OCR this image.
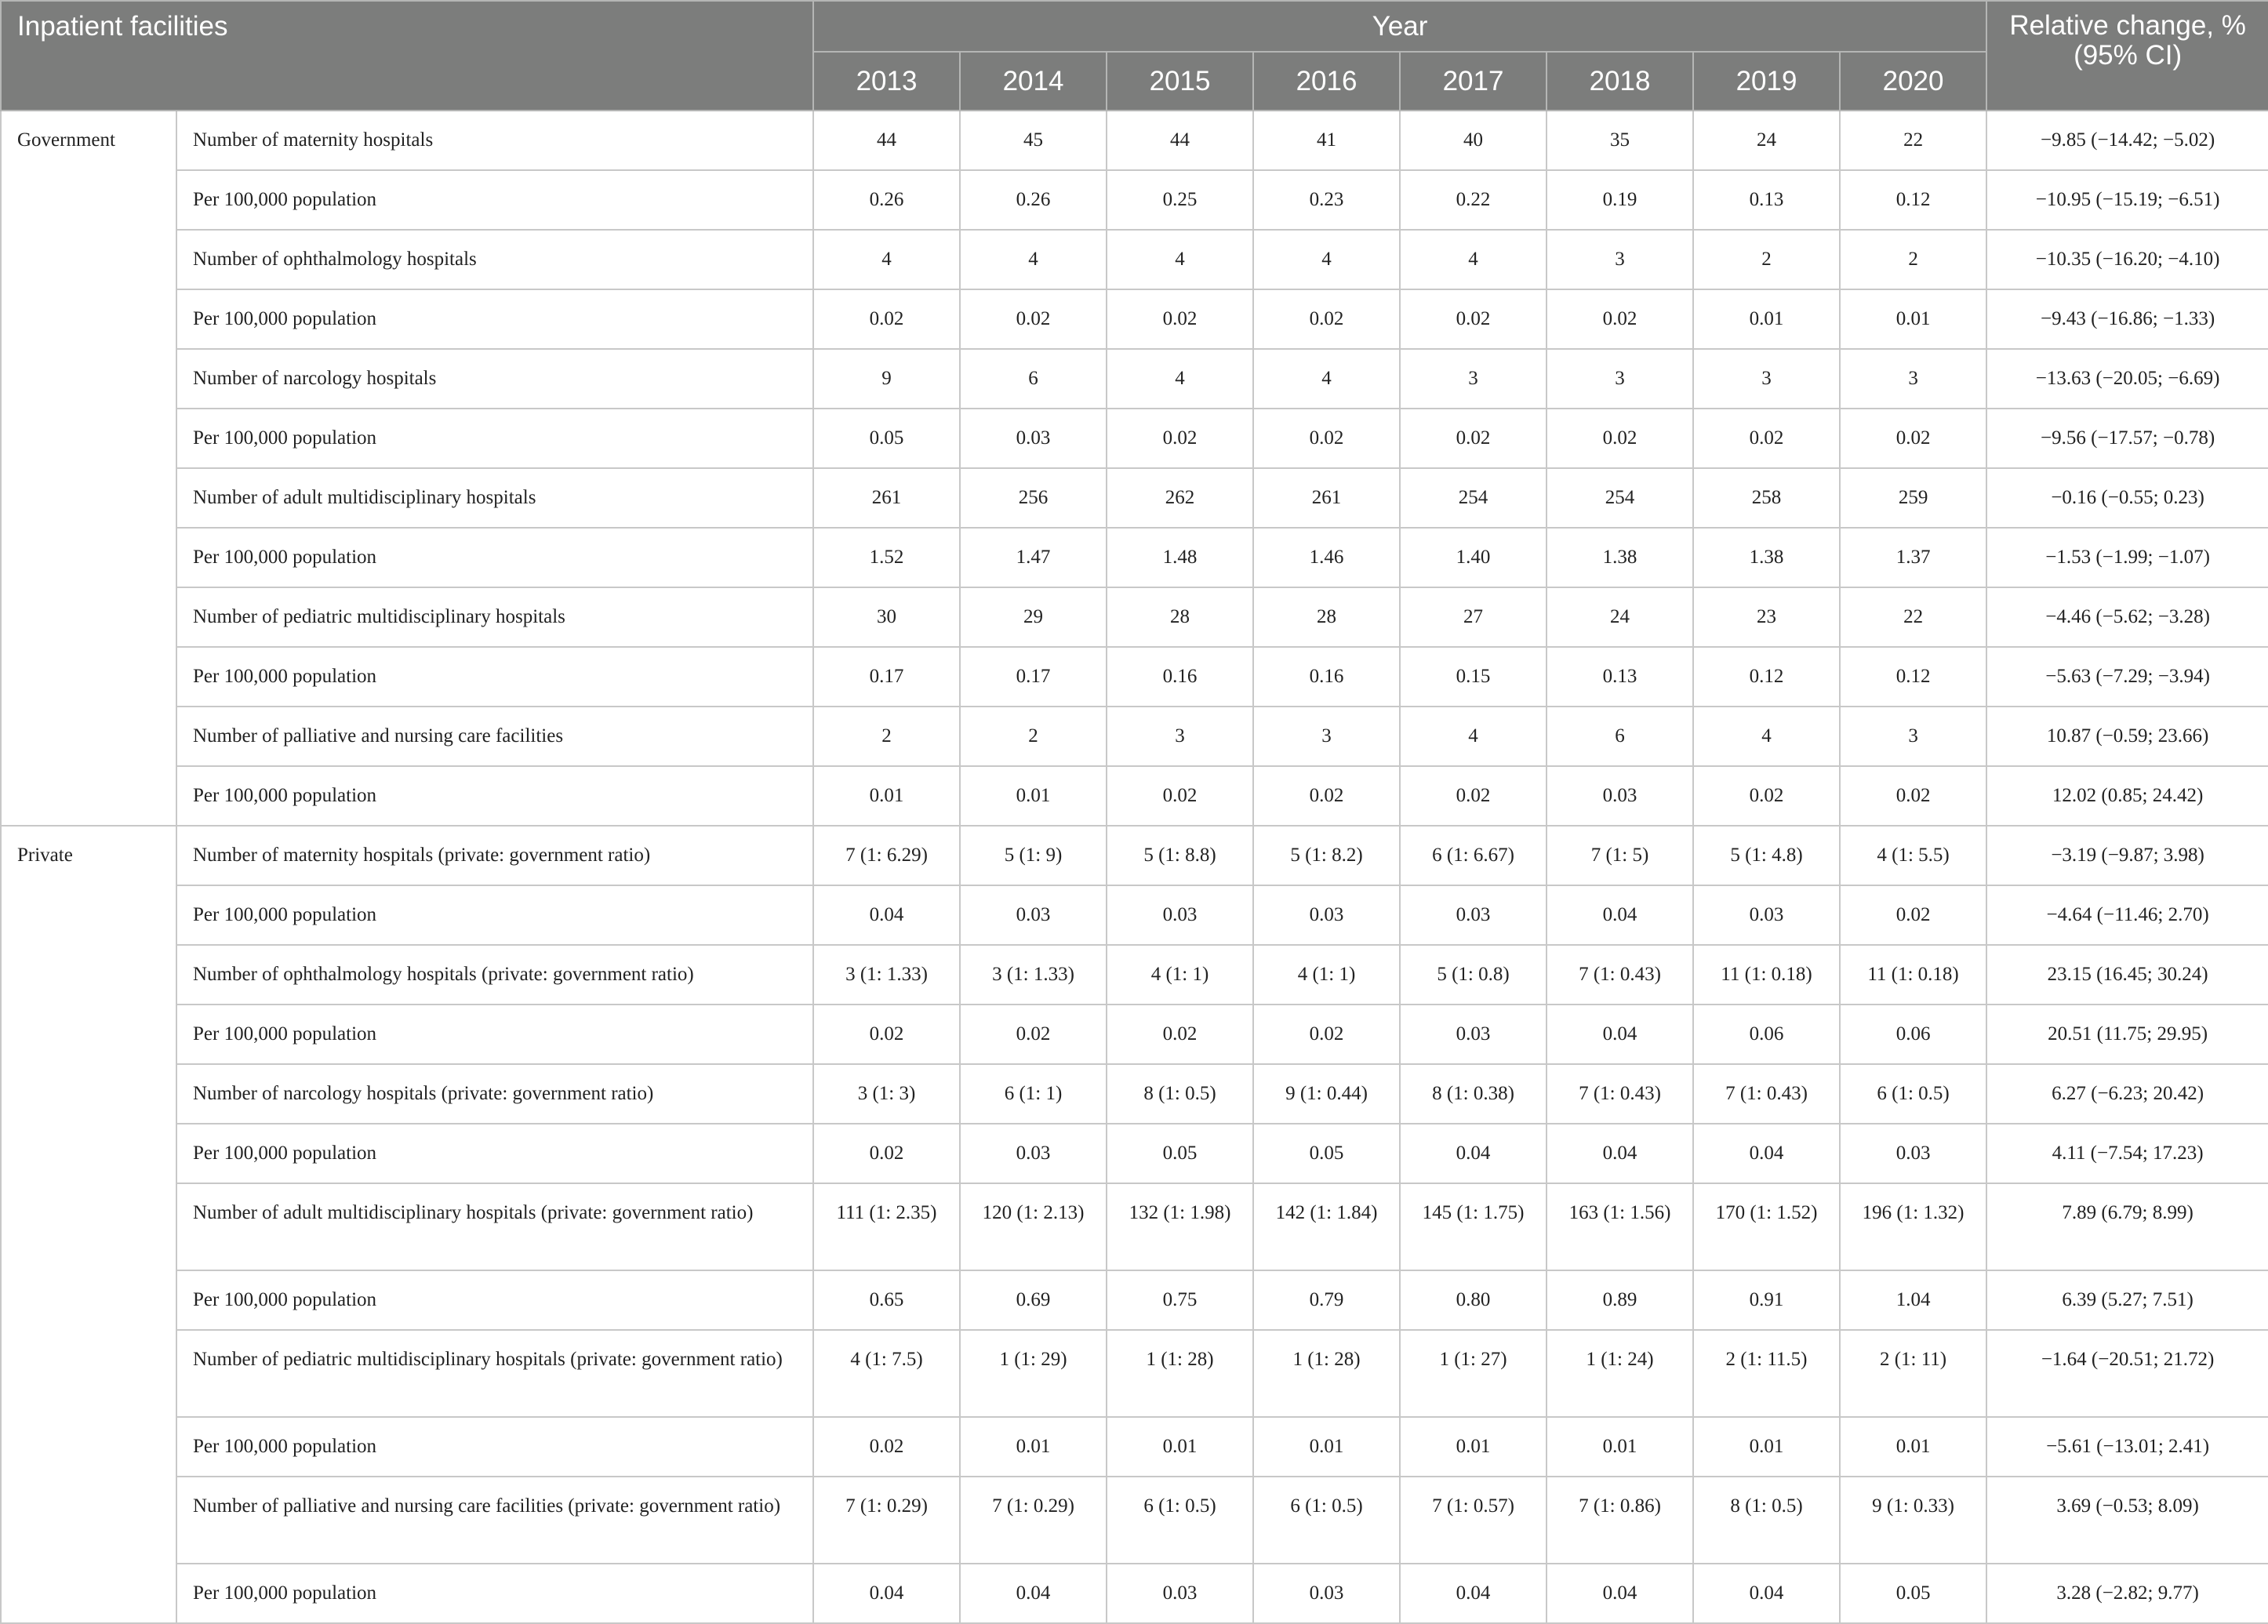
Inpatient facilities		Year								Relative change, %
(95% CI)
		2013	2014	2015	2016	2017	2018	2019	2020	
Government	Number of maternity hospitals	44	45	44	41	40	35	24	22	−9.85 (−14.42; −5.02)
	Per 100,000 population	0.26	0.26	0.25	0.23	0.22	0.19	0.13	0.12	−10.95 (−15.19; −6.51)
	Number of ophthalmology hospitals	4	4	4	4	4	3	2	2	−10.35 (−16.20; −4.10)
	Per 100,000 population	0.02	0.02	0.02	0.02	0.02	0.02	0.01	0.01	−9.43 (−16.86; −1.33)
	Number of narcology hospitals	9	6	4	4	3	3	3	3	−13.63 (−20.05; −6.69)
	Per 100,000 population	0.05	0.03	0.02	0.02	0.02	0.02	0.02	0.02	−9.56 (−17.57; −0.78)
	Number of adult multidisciplinary hospitals	261	256	262	261	254	254	258	259	−0.16 (−0.55; 0.23)
	Per 100,000 population	1.52	1.47	1.48	1.46	1.40	1.38	1.38	1.37	−1.53 (−1.99; −1.07)
	Number of pediatric multidisciplinary hospitals	30	29	28	28	27	24	23	22	−4.46 (−5.62; −3.28)
	Per 100,000 population	0.17	0.17	0.16	0.16	0.15	0.13	0.12	0.12	−5.63 (−7.29; −3.94)
	Number of palliative and nursing care facilities	2	2	3	3	4	6	4	3	10.87 (−0.59; 23.66)
	Per 100,000 population	0.01	0.01	0.02	0.02	0.02	0.03	0.02	0.02	12.02 (0.85; 24.42)
Private	Number of maternity hospitals (private: government ratio)	7 (1: 6.29)	5 (1: 9)	5 (1: 8.8)	5 (1: 8.2)	6 (1: 6.67)	7 (1: 5)	5 (1: 4.8)	4 (1: 5.5)	−3.19 (−9.87; 3.98)
	Per 100,000 population	0.04	0.03	0.03	0.03	0.03	0.04	0.03	0.02	−4.64 (−11.46; 2.70)
	Number of ophthalmology hospitals (private: government ratio)	3 (1: 1.33)	3 (1: 1.33)	4 (1: 1)	4 (1: 1)	5 (1: 0.8)	7 (1: 0.43)	11 (1: 0.18)	11 (1: 0.18)	23.15 (16.45; 30.24)
	Per 100,000 population	0.02	0.02	0.02	0.02	0.03	0.04	0.06	0.06	20.51 (11.75; 29.95)
	Number of narcology hospitals (private: government ratio)	3 (1: 3)	6 (1: 1)	8 (1: 0.5)	9 (1: 0.44)	8 (1: 0.38)	7 (1: 0.43)	7 (1: 0.43)	6 (1: 0.5)	6.27 (−6.23; 20.42)
	Per 100,000 population	0.02	0.03	0.05	0.05	0.04	0.04	0.04	0.03	4.11 (−7.54; 17.23)
	Number of adult multidisciplinary hospitals (private: government ratio)	111 (1: 2.35)	120 (1: 2.13)	132 (1: 1.98)	142 (1: 1.84)	145 (1: 1.75)	163 (1: 1.56)	170 (1: 1.52)	196 (1: 1.32)	7.89 (6.79; 8.99)
	Per 100,000 population	0.65	0.69	0.75	0.79	0.80	0.89	0.91	1.04	6.39 (5.27; 7.51)
	Number of pediatric multidisciplinary hospitals (private: government ratio)	4 (1: 7.5)	1 (1: 29)	1 (1: 28)	1 (1: 28)	1 (1: 27)	1 (1: 24)	2 (1: 11.5)	2 (1: 11)	−1.64 (−20.51; 21.72)
	Per 100,000 population	0.02	0.01	0.01	0.01	0.01	0.01	0.01	0.01	−5.61 (−13.01; 2.41)
	Number of palliative and nursing care facilities (private: government ratio)	7 (1: 0.29)	7 (1: 0.29)	6 (1: 0.5)	6 (1: 0.5)	7 (1: 0.57)	7 (1: 0.86)	8 (1: 0.5)	9 (1: 0.33)	3.69 (−0.53; 8.09)
	Per 100,000 population	0.04	0.04	0.03	0.03	0.04	0.04	0.04	0.05	3.28 (−2.82; 9.77)
